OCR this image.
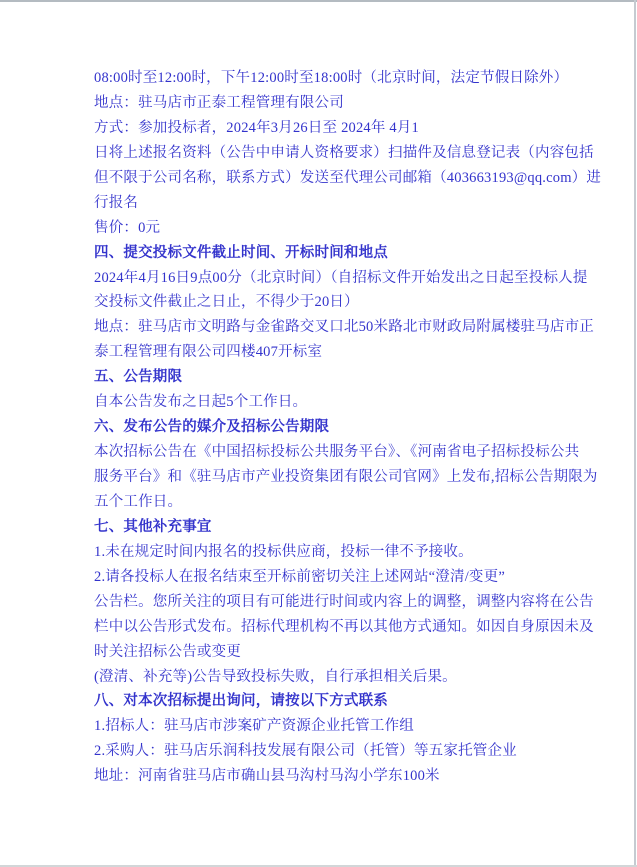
08:00时至12:00时，下午12:00时至18:00时（北京时间，法定节假日除外）
地点：驻马店市正泰工程管理有限公司
方式：参加投标者，2024年3月26日至 2024年 4月1
日将上述报名资料（公告中申请人资格要求）扫描件及信息登记表（内容包括
但不限于公司名称，联系方式）发送至代理公司邮箱（403663193@qq.com）进
行报名
售价：0元
四、提交投标文件截止时间、开标时间和地点
2024年4月16日9点00分（北京时间）（自招标文件开始发出之日起至投标人提
交投标文件截止之日止，不得少于20日）
地点：驻马店市文明路与金雀路交叉口北50米路北市财政局附属楼驻马店市正
泰工程管理有限公司四楼407开标室
五、公告期限
自本公告发布之日起5个工作日。
六、发布公告的媒介及招标公告期限
本次招标公告在《中国招标投标公共服务平台》、《河南省电子招标投标公共
服务平台》和《驻马店市产业投资集团有限公司官网》上发布,招标公告期限为
五个工作日。
七、其他补充事宜
1.未在规定时间内报名的投标供应商，投标一律不予接收。
2.请各投标人在报名结束至开标前密切关注上述网站“澄清/变更”
公告栏。您所关注的项目有可能进行时间或内容上的调整，调整内容将在公告
栏中以公告形式发布。招标代理机构不再以其他方式通知。如因自身原因未及
时关注招标公告或变更
(澄清、补充等)公告导致投标失败，自行承担相关后果。
八、对本次招标提出询问，请按以下方式联系
1.招标人：驻马店市涉案矿产资源企业托管工作组
2.采购人：驻马店乐润科技发展有限公司（托管）等五家托管企业
地址：河南省驻马店市确山县马沟村马沟小学东100米
